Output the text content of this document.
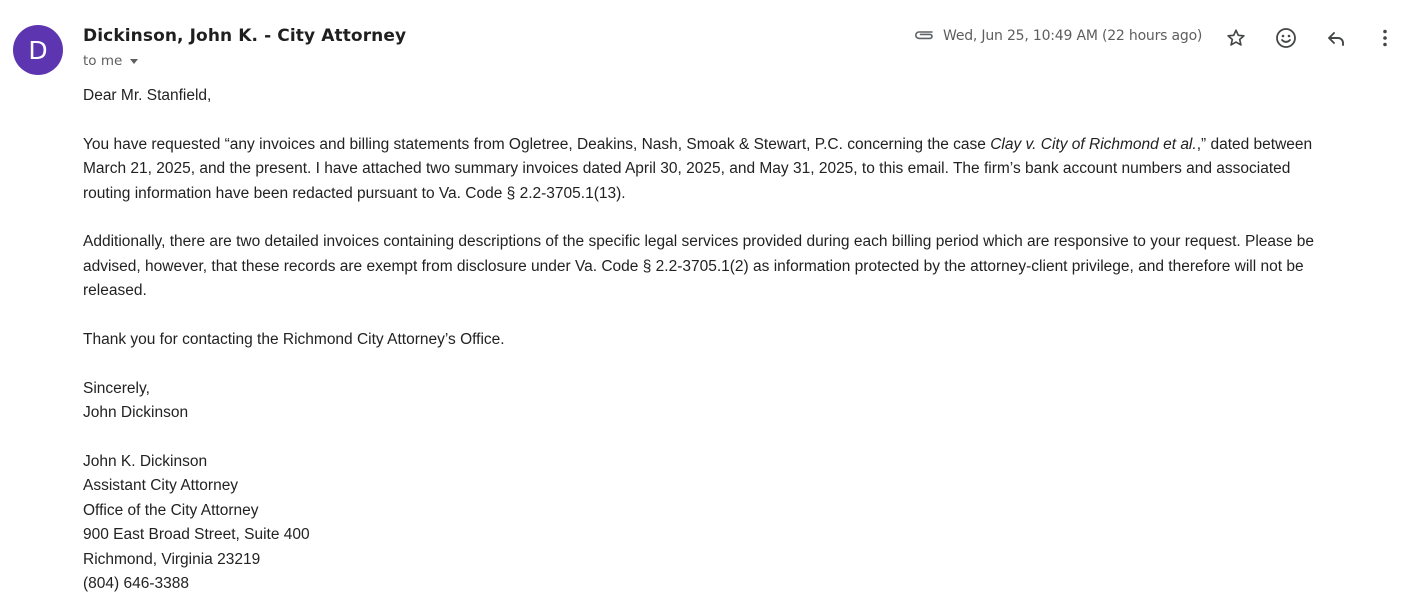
D Dickinson, John K. - City Attorney
to me
Wed, Jun 25, 10:49 AM (22 hours ago)

Dear Mr. Stanfield,

You have requested “any invoices and billing statements from Ogletree, Deakins, Nash, Smoak & Stewart, P.C. concerning the case Clay v. City of Richmond et al.,” dated between
March 21, 2025, and the present. I have attached two summary invoices dated April 30, 2025, and May 31, 2025, to this email. The firm’s bank account numbers and associated
routing information have been redacted pursuant to Va. Code § 2.2-3705.1(13).

Additionally, there are two detailed invoices containing descriptions of the specific legal services provided during each billing period which are responsive to your request. Please be
advised, however, that these records are exempt from disclosure under Va. Code § 2.2-3705.1(2) as information protected by the attorney-client privilege, and therefore will not be
released.

Thank you for contacting the Richmond City Attorney’s Office.

Sincerely,

John Dickinson

John K. Dickinson

Assistant City Attorney

Office of the City Attorney

900 East Broad Street, Suite 400

Richmond, Virginia 23219

(804) 646-3388
